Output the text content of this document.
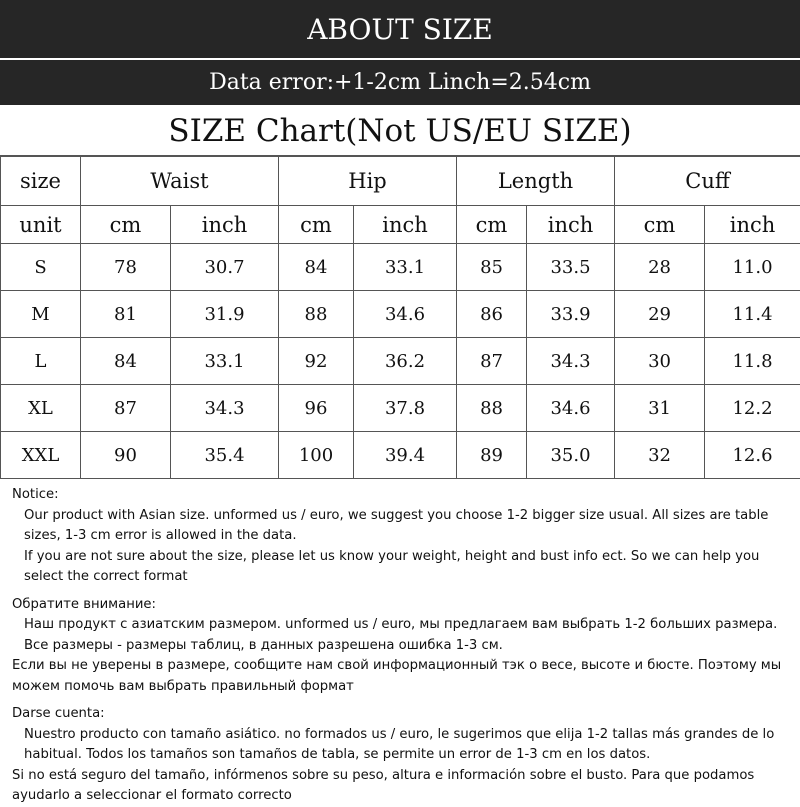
ABOUT SIZE
Data error:+1-2cm Linch=2.54cm
SIZE Chart(Not US/EU SIZE)
size	Waist		Hip		Length		Cuff	
unit	cm	inch	cm	inch	cm	inch	cm	inch
S	78	30.7	84	33.1	85	33.5	28	11.0
M	81	31.9	88	34.6	86	33.9	29	11.4
L	84	33.1	92	36.2	87	34.3	30	11.8
XL	87	34.3	96	37.8	88	34.6	31	12.2
XXL	90	35.4	100	39.4	89	35.0	32	12.6

Notice:

Our product with Asian size. unformed us / euro, we suggest you choose 1-2 bigger size usual. All sizes are table sizes, 1-3 cm error is allowed in the data.

If you are not sure about the size, please let us know your weight, height and bust info ect. So we can help you select the correct format

Обратите внимание:

Наш продукт с азиатским размером. unformed us / euro, мы предлагаем вам выбрать 1-2 больших размера. Все размеры - размеры таблиц, в данных разрешена ошибка 1-3 см.

Если вы не уверены в размере, сообщите нам свой информационный тэк о весе, высоте и бюсте. Поэтому мы можем помочь вам выбрать правильный формат

Darse cuenta:

Nuestro producto con tamaño asiático. no formados us / euro, le sugerimos que elija 1-2 tallas más grandes de lo habitual. Todos los tamaños son tamaños de tabla, se permite un error de 1-3 cm en los datos.

Si no está seguro del tamaño, infórmenos sobre su peso, altura e información sobre el busto. Para que podamos ayudarlo a seleccionar el formato correcto
